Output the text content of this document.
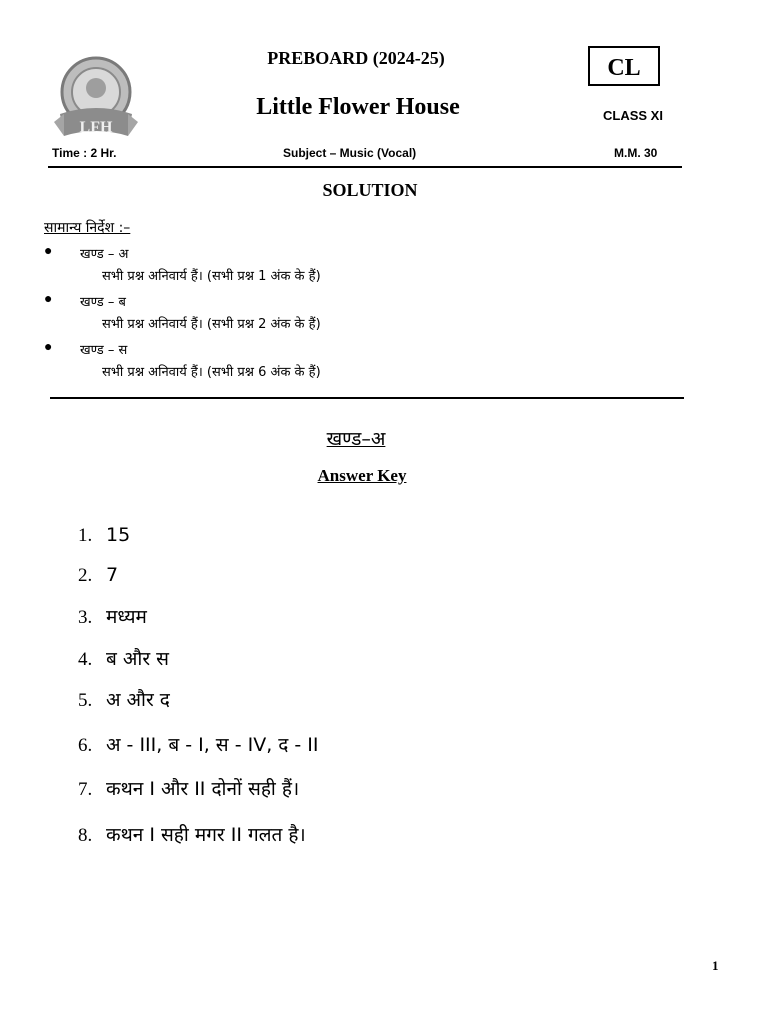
LFH
PREBOARD (2024-25)
Little Flower House
CL
CLASS XI
Time : 2 Hr.	Subject – Music (Vocal)	M.M. 30
SOLUTION
सामान्य निर्देश :–
● खण्ड – अ
सभी प्रश्न अनिवार्य हैं। (सभी प्रश्न 1 अंक के हैं)
● खण्ड – ब
सभी प्रश्न अनिवार्य हैं। (सभी प्रश्न 2 अंक के हैं)
● खण्ड – स
सभी प्रश्न अनिवार्य हैं। (सभी प्रश्न 6 अंक के हैं)
खण्ड–अ
Answer Key
1. 15
2. 7
3. मध्यम
4. ब और स
5. अ और द
6. अ - III, ब - I, स - IV, द - II
7. कथन I और II दोनों सही हैं।
8. कथन I सही मगर II गलत है।
1
